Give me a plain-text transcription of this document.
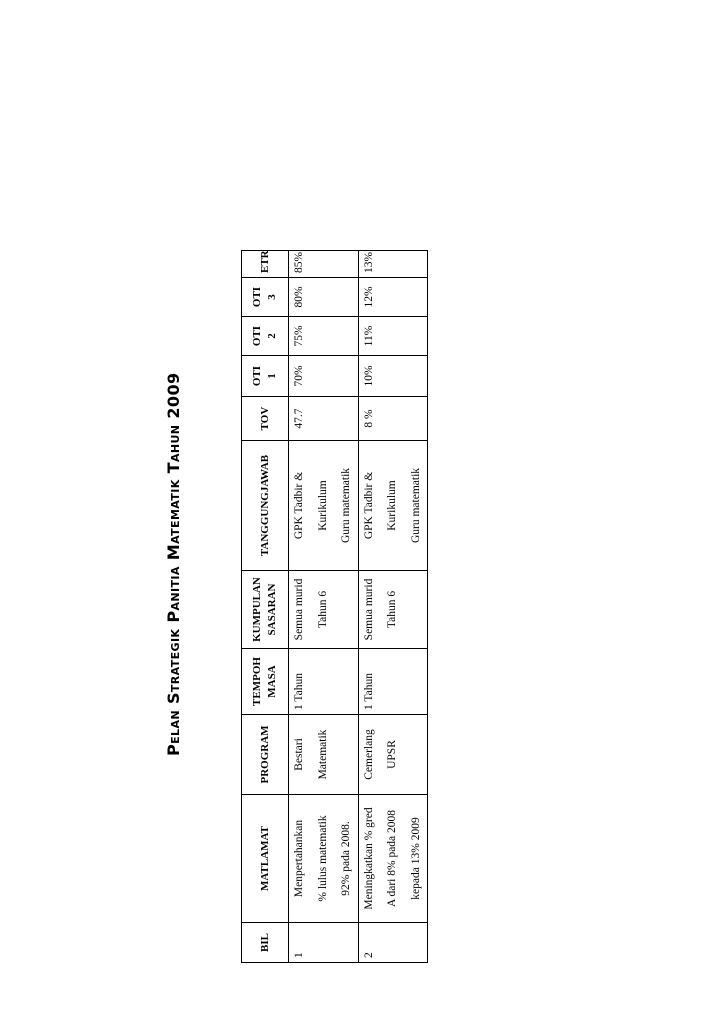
Pelan Strategik Panitia Matematik Tahun 2009
BIL	MATLAMAT	PROGRAM	TEMPOH MASA	KUMPULAN SASARAN	TANGGUNGJAWAB	TOV	OTI 1	OTI 2	OTI 3	ETR
1	Menpertahankan % lulus matematik 92% pada 2008.	Bestari Matematik	1 Tahun	Semua murid Tahun 6	GPK Tadbir & Kurikulum Guru matematik	47.7	70%	75%	80%	85%
2	Meningkatkan % gred A dari 8% pada 2008 kepada 13% 2009	Cemerlang UPSR	1 Tahun	Semua murid Tahun 6	GPK Tadbir & Kurikulum Guru matematik	8 %	10%	11%	12%	13%
